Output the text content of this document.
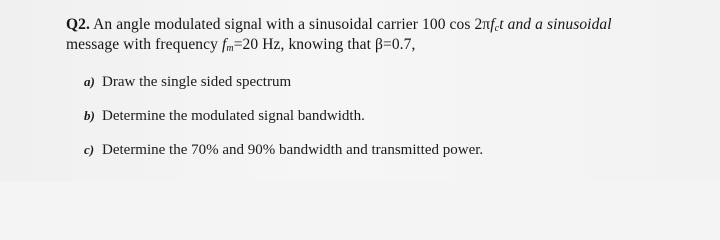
Q2. An angle modulated signal with a sinusoidal carrier 100 $\cos 2\pi f_ct$ and a sinusoidal
message with frequency $f_m=20$ Hz, knowing that β=0.7,
a) Draw the single sided spectrum
b) Determine the modulated signal bandwidth.
c) Determine the 70% and 90% bandwidth and transmitted power.
